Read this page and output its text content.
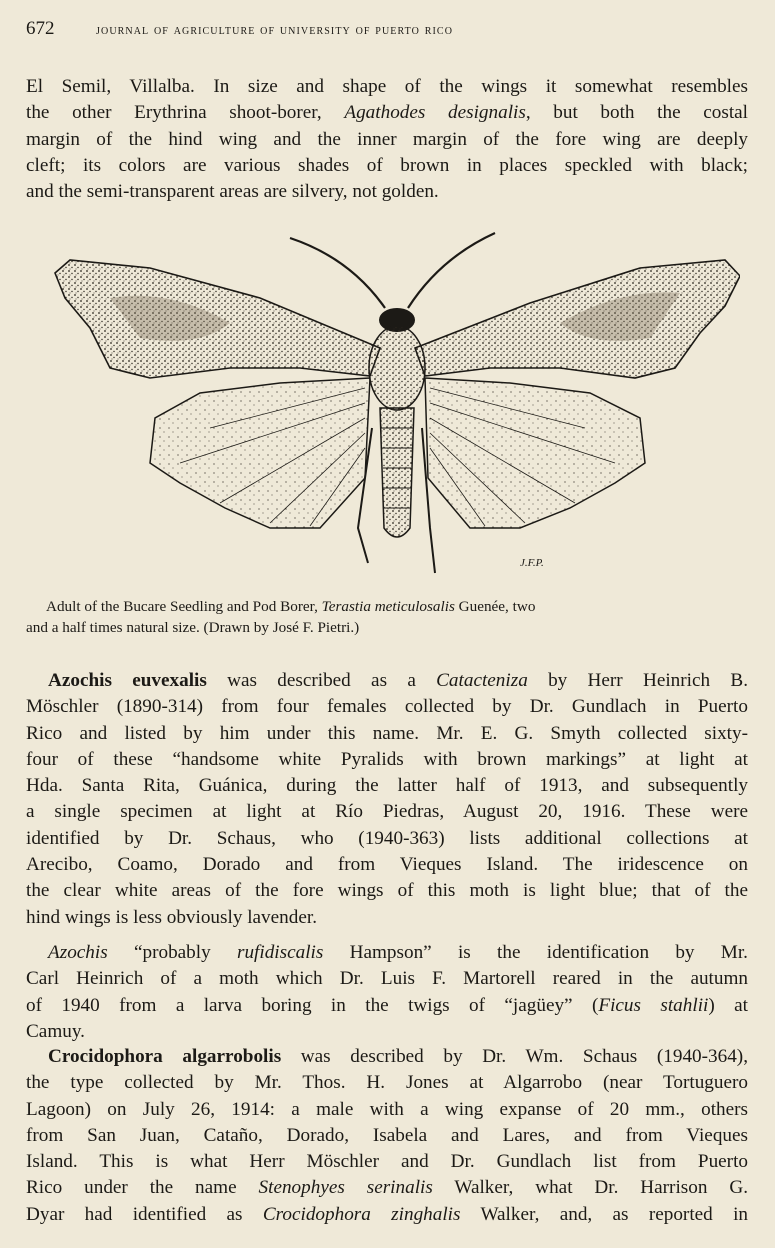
672	journal of agriculture of university of puerto rico

El Semil, Villalba. In size and shape of the wings it somewhat resembles
the other Erythrina shoot-borer, Agathodes designalis, but both the costal
margin of the hind wing and the inner margin of the fore wing are deeply
cleft; its colors are various shades of brown in places speckled with black;
and the semi-transparent areas are silvery, not golden.

J.F.P.

Adult of the Bucare Seedling and Pod Borer, Terastia meticulosalis Guenée, two
and a half times natural size. (Drawn by José F. Pietri.)

Azochis euvexalis was described as a Catacteniza by Herr Heinrich B.
Möschler (1890-314) from four females collected by Dr. Gundlach in Puerto
Rico and listed by him under this name. Mr. E. G. Smyth collected sixty-
four of these “handsome white Pyralids with brown markings” at light at
Hda. Santa Rita, Guánica, during the latter half of 1913, and subsequently
a single specimen at light at Río Piedras, August 20, 1916. These were
identified by Dr. Schaus, who (1940-363) lists additional collections at
Arecibo, Coamo, Dorado and from Vieques Island. The iridescence on
the clear white areas of the fore wings of this moth is light blue; that of the
hind wings is less obviously lavender.

Azochis “probably rufidiscalis Hampson” is the identification by Mr.
Carl Heinrich of a moth which Dr. Luis F. Martorell reared in the autumn
of 1940 from a larva boring in the twigs of “jagüey” (Ficus stahlii) at
Camuy.

Crocidophora algarrobolis was described by Dr. Wm. Schaus (1940-364),
the type collected by Mr. Thos. H. Jones at Algarrobo (near Tortuguero
Lagoon) on July 26, 1914: a male with a wing expanse of 20 mm., others
from San Juan, Cataño, Dorado, Isabela and Lares, and from Vieques
Island. This is what Herr Möschler and Dr. Gundlach list from Puerto
Rico under the name Stenophyes serinalis Walker, what Dr. Harrison G.
Dyar had identified as Crocidophora zinghalis Walker, and, as reported in
